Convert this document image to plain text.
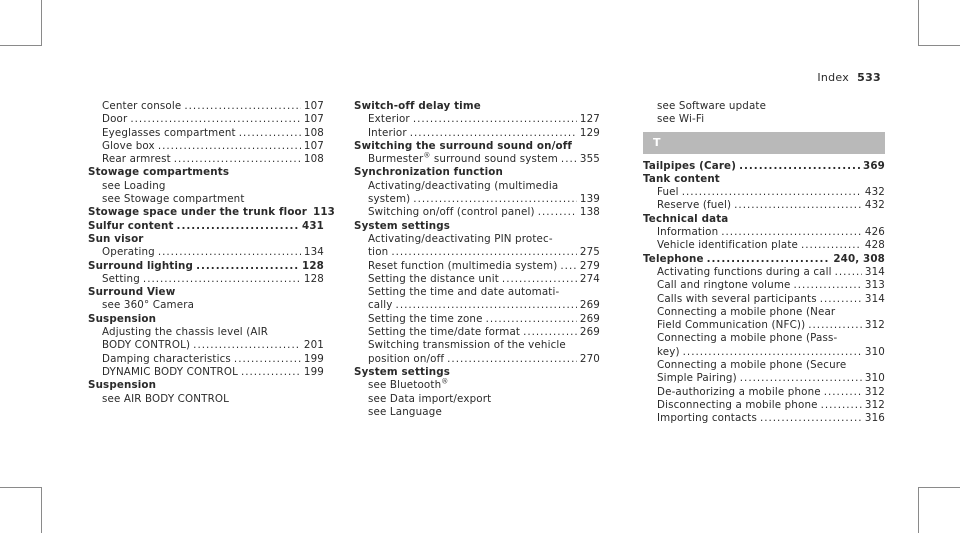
Index 533
Center console .....	107
Door .....	107
Eyeglasses compartment .....	108
Glove box .....	107
Rear armrest .....	108
Stowage compartments
see Loading
see Stowage compartment
Stowage space under the trunk floor 113
Sulfur content .....	431
Sun visor
Operating .....	134
Surround lighting .....	128
Setting .....	128
Surround View
see 360° Camera
Suspension
Adjusting the chassis level (AIR
BODY CONTROL) .....	201
Damping characteristics .....	199
DYNAMIC BODY CONTROL .....	199
Suspension
see AIR BODY CONTROL
Switch-off delay time
Exterior .....	127
Interior .....	129
Switching the surround sound on/off
Burmester® surround sound system ..... 355
Synchronization function
Activating/deactivating (multimedia
system) .....	139
Switching on/off (control panel) .....	138
System settings
Activating/deactivating PIN protec-
tion .....	275
Reset function (multimedia system) ..... 279
Setting the distance unit .....	274
Setting the time and date automati-
cally .....	269
Setting the time zone .....	269
Setting the time/date format .....	269
Switching transmission of the vehicle
position on/off .....	270
System settings
see Bluetooth®
see Data import/export
see Language
see Software update
see Wi-Fi
T
Tailpipes (Care) .....	369
Tank content
Fuel .....	432
Reserve (fuel) .....	432
Technical data
Information .....	426
Vehicle identification plate .....	428
Telephone .....	240, 308
Activating functions during a call .....	314
Call and ringtone volume .....	313
Calls with several participants .....	314
Connecting a mobile phone (Near
Field Communication (NFC)) .....	312
Connecting a mobile phone (Pass-
key) .....	310
Connecting a mobile phone (Secure
Simple Pairing) .....	310
De-authorizing a mobile phone .....	312
Disconnecting a mobile phone .....	312
Importing contacts .....	316
